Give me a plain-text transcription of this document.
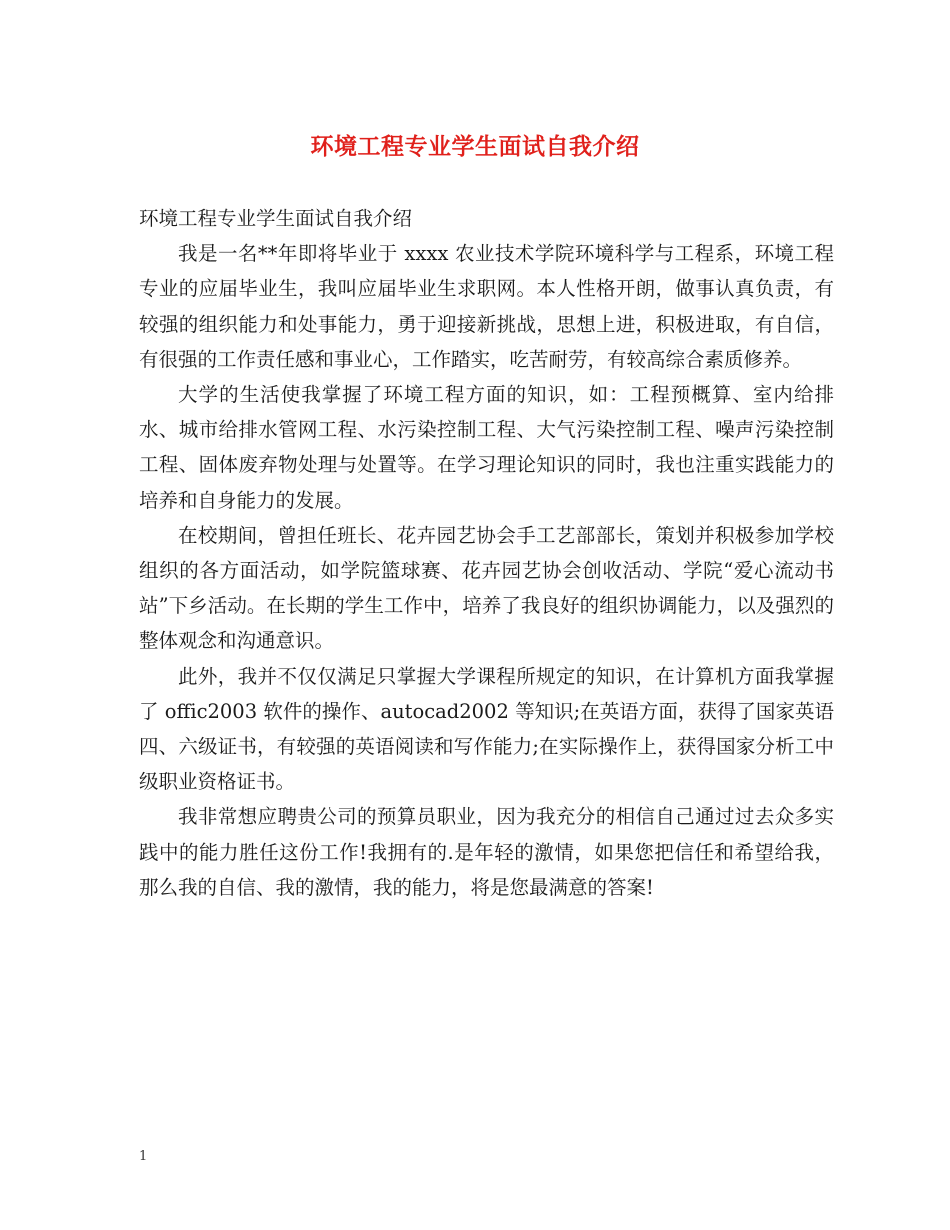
环境工程专业学生面试自我介绍

环境工程专业学生面试自我介绍

我是一名**年即将毕业于 xxxx 农业技术学院环境科学与工程系，环境工程专业的应届毕业生，我叫应届毕业生求职网。本人性格开朗，做事认真负责，有较强的组织能力和处事能力，勇于迎接新挑战，思想上进，积极进取，有自信，有很强的工作责任感和事业心，工作踏实，吃苦耐劳，有较高综合素质修养。

大学的生活使我掌握了环境工程方面的知识，如：工程预概算、室内给排水、城市给排水管网工程、水污染控制工程、大气污染控制工程、噪声污染控制工程、固体废弃物处理与处置等。在学习理论知识的同时，我也注重实践能力的培养和自身能力的发展。

在校期间，曾担任班长、花卉园艺协会手工艺部部长，策划并积极参加学校组织的各方面活动，如学院篮球赛、花卉园艺协会创收活动、学院“爱心流动书站”下乡活动。在长期的学生工作中，培养了我良好的组织协调能力，以及强烈的整体观念和沟通意识。

此外，我并不仅仅满足只掌握大学课程所规定的知识，在计算机方面我掌握了 offic2003 软件的操作、autocad2002 等知识;在英语方面，获得了国家英语四、六级证书，有较强的英语阅读和写作能力;在实际操作上，获得国家分析工中级职业资格证书。

我非常想应聘贵公司的预算员职业，因为我充分的相信自己通过过去众多实践中的能力胜任这份工作!我拥有的.是年轻的激情，如果您把信任和希望给我，那么我的自信、我的激情，我的能力，将是您最满意的答案!

1
